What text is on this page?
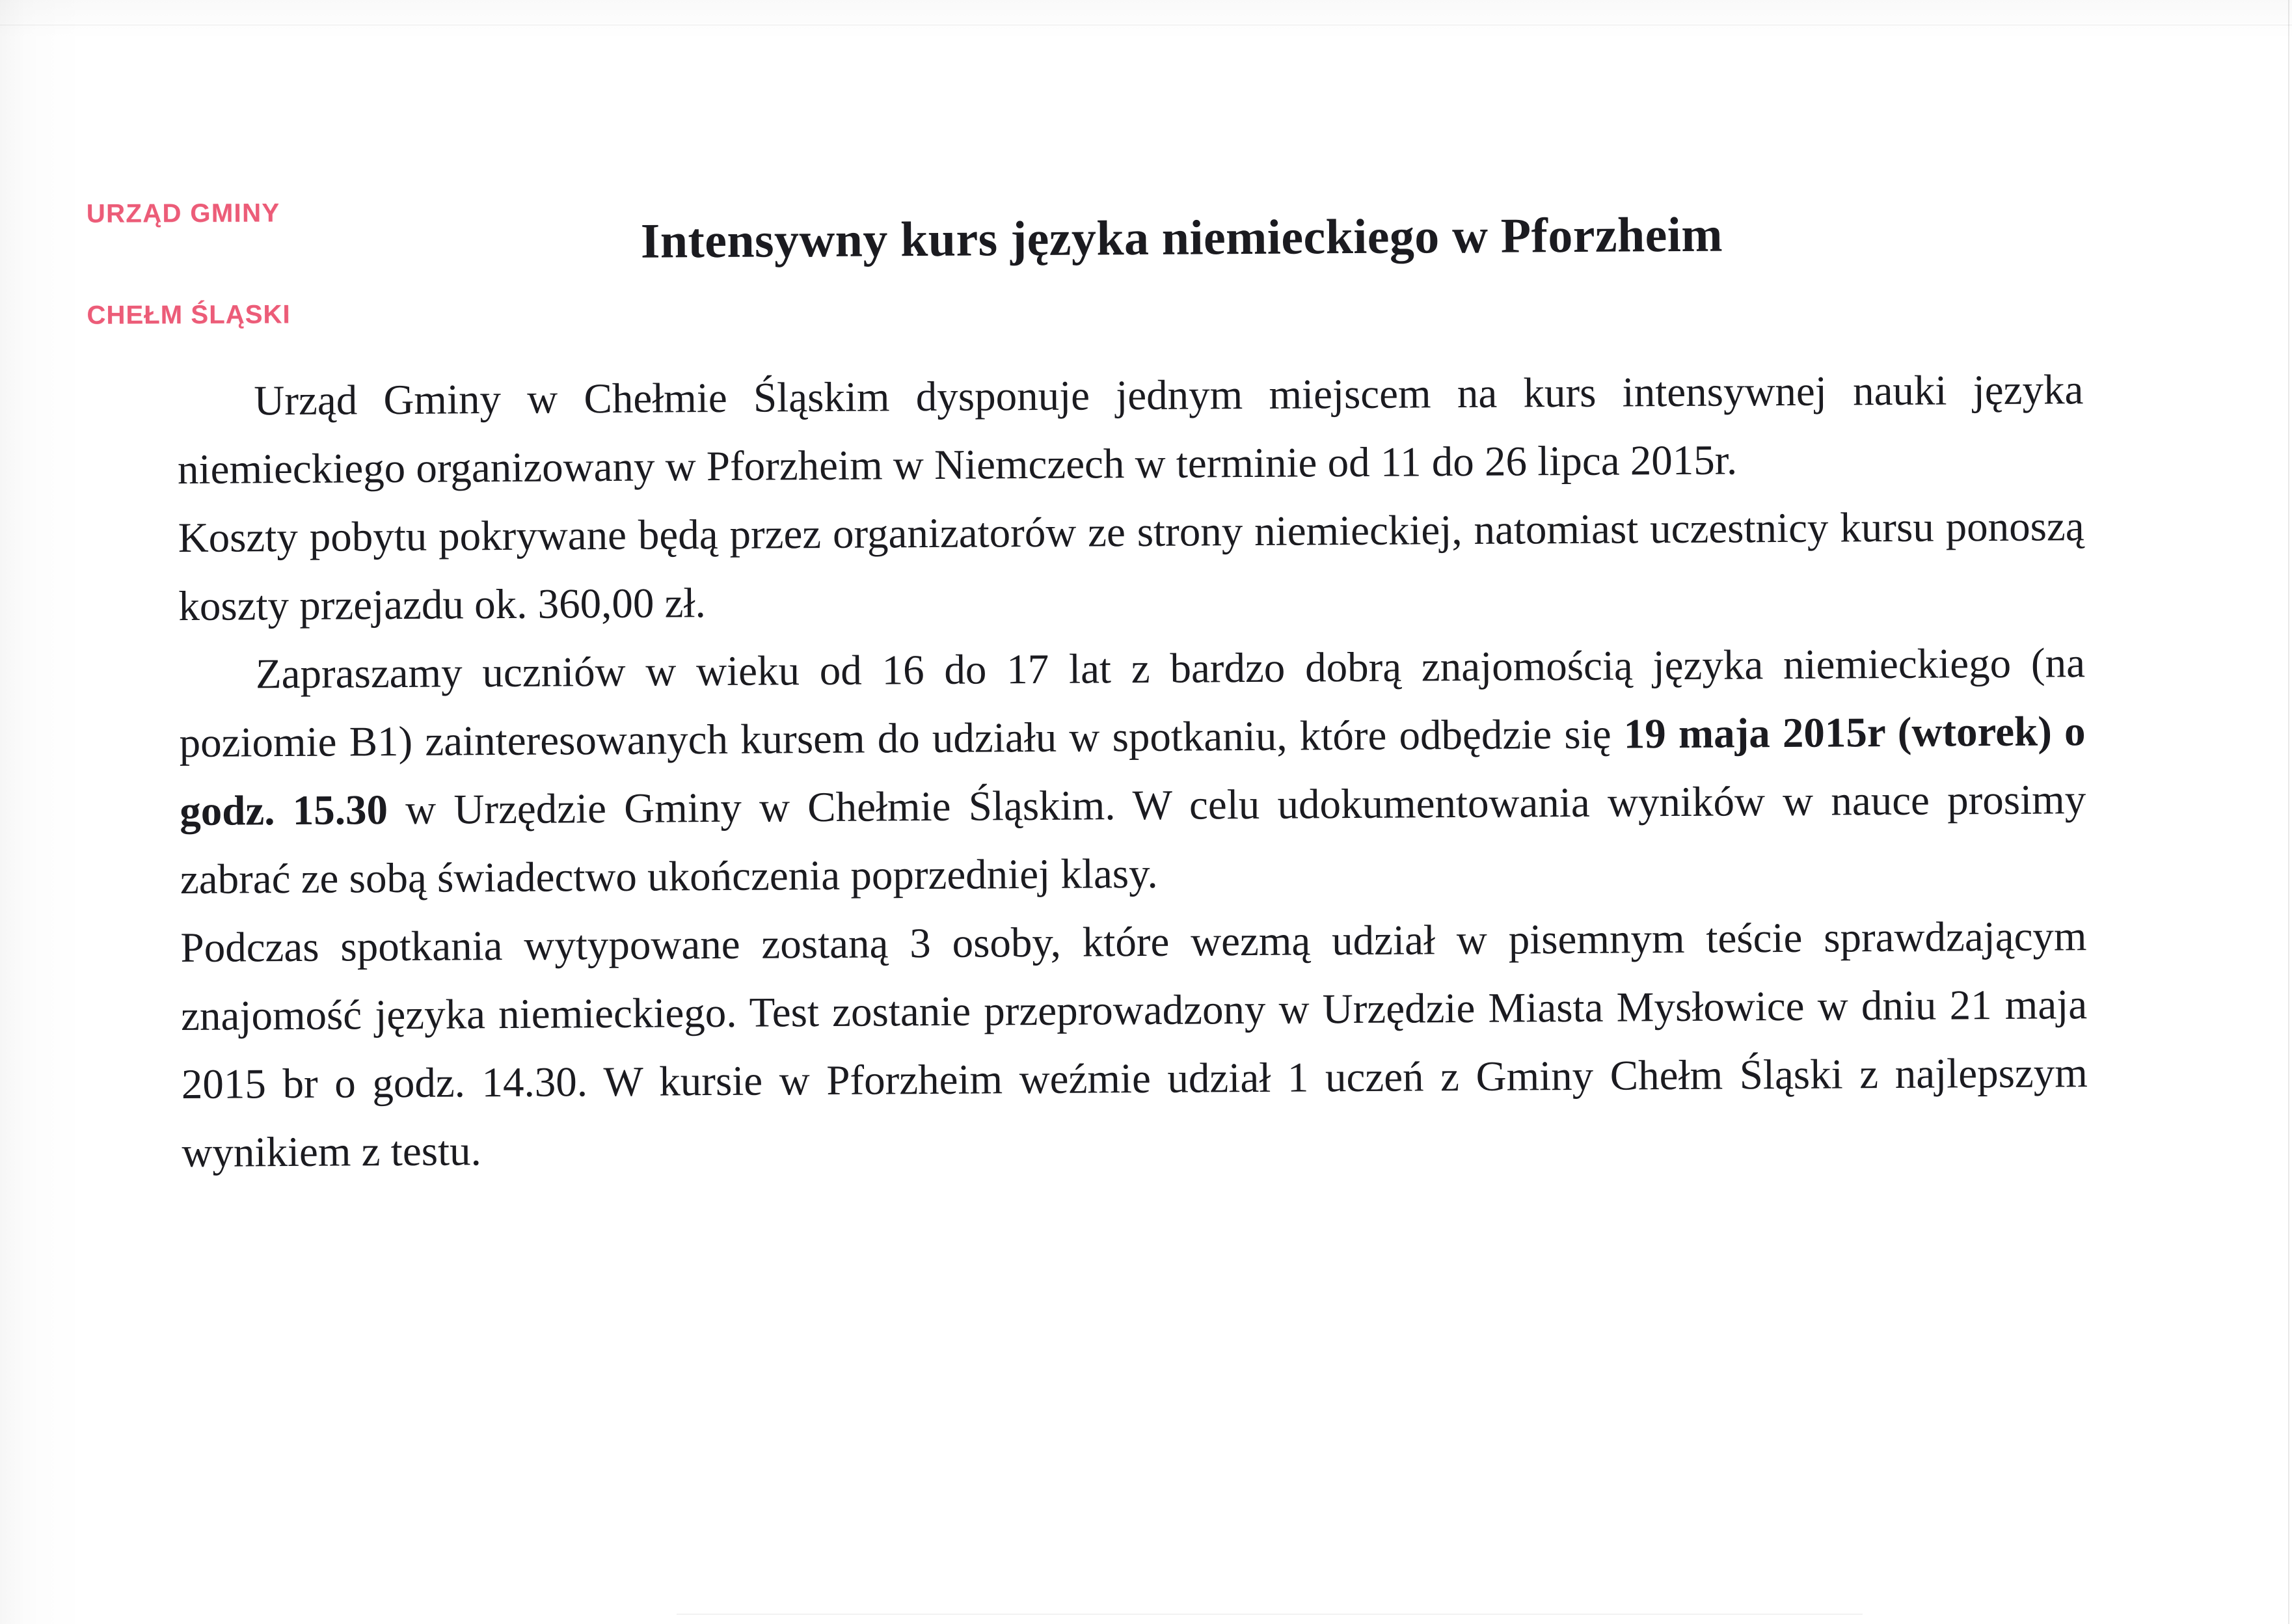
URZĄD GMINY

CHEŁM ŚLĄSKI

Intensywny kurs języka niemieckiego w Pforzheim

Urząd Gminy w Chełmie Śląskim dysponuje jednym miejscem na kurs intensywnej nauki języka niemieckiego organizowany w Pforzheim w Niemczech w terminie od 11 do 26 lipca 2015r.

Koszty pobytu pokrywane będą przez organizatorów ze strony niemieckiej, natomiast uczestnicy kursu ponoszą koszty przejazdu ok. 360,00 zł.

Zapraszamy uczniów w wieku od 16 do 17 lat z bardzo dobrą znajomością języka niemieckiego (na poziomie B1) zainteresowanych kursem do udziału w spotkaniu, które odbędzie się 19 maja 2015r (wtorek) o godz. 15.30 w Urzędzie Gminy w Chełmie Śląskim. W celu udokumentowania wyników w nauce prosimy zabrać ze sobą świadectwo ukończenia poprzedniej klasy.

Podczas spotkania wytypowane zostaną 3 osoby, które wezmą udział w pisemnym teście sprawdzającym znajomość języka niemieckiego. Test zostanie przeprowadzony w Urzędzie Miasta Mysłowice w dniu 21 maja 2015 br o godz. 14.30. W kursie w Pforzheim weźmie udział 1 uczeń z Gminy Chełm Śląski z najlepszym wynikiem z testu.
